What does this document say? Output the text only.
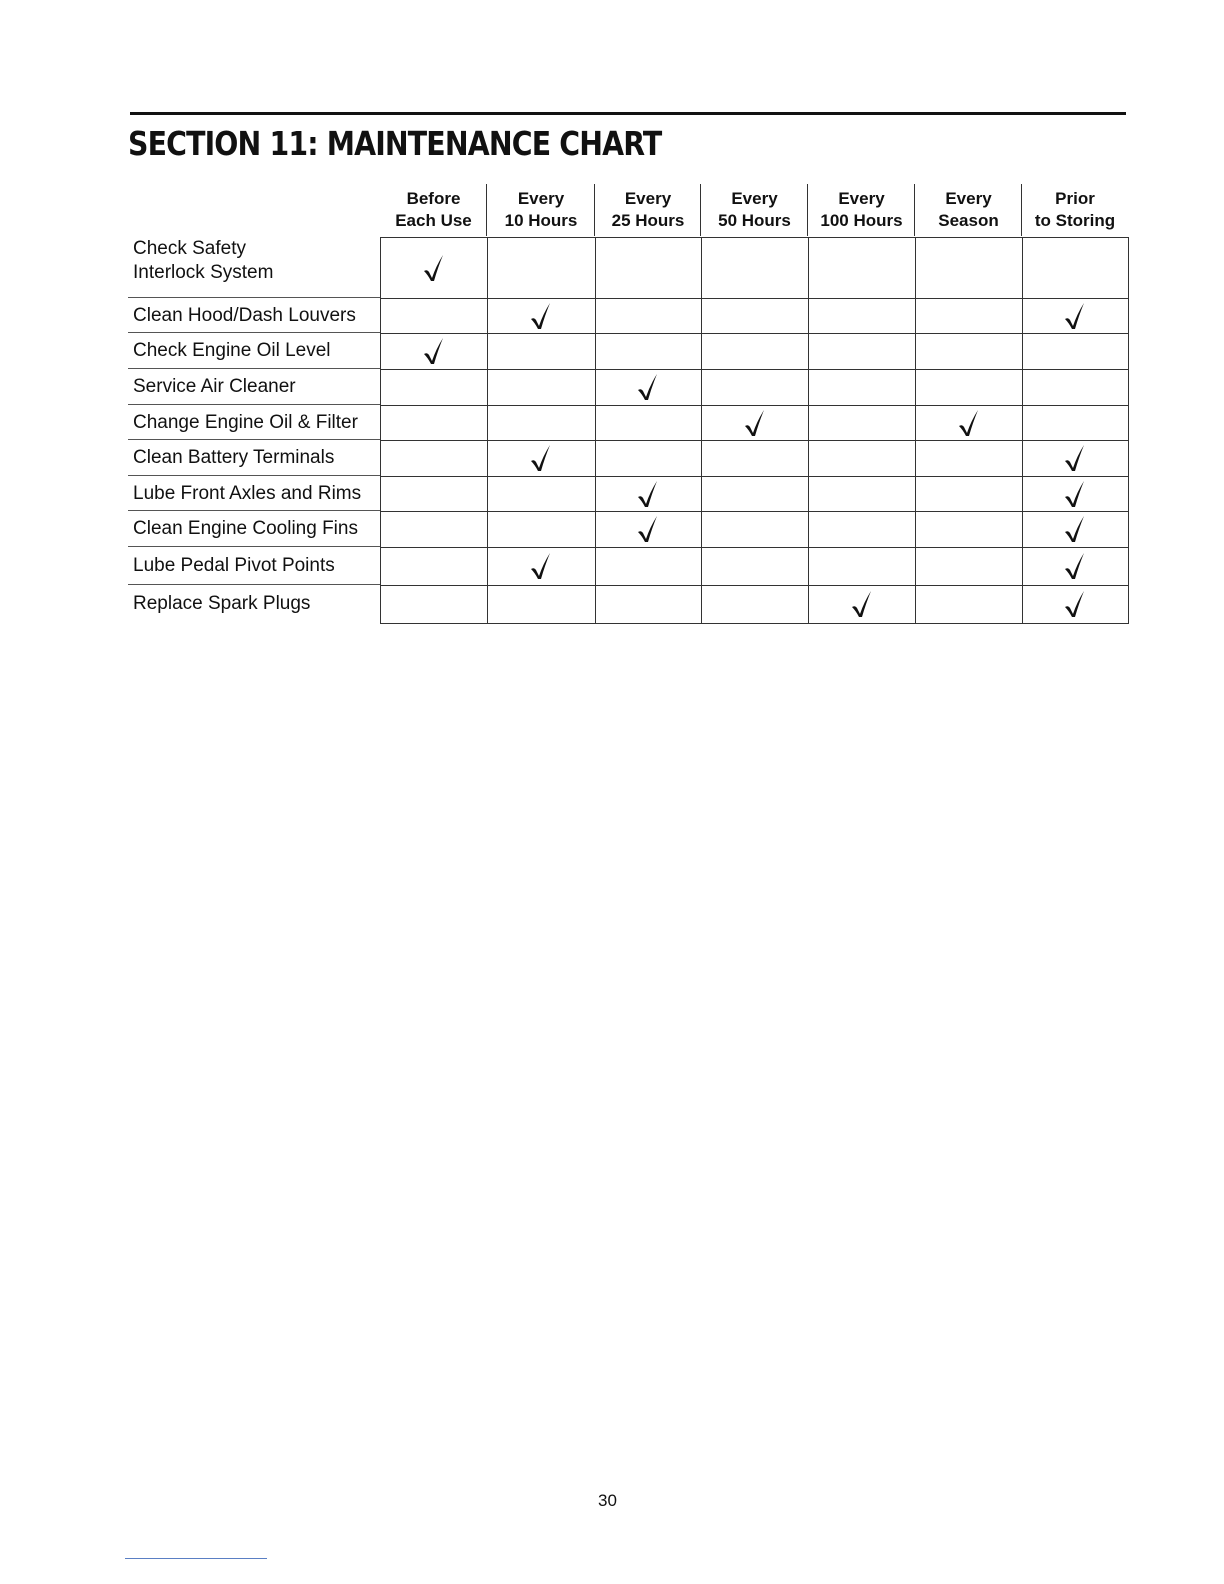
SECTION 11: MAINTENANCE CHART
Before
Each Use
Every
10 Hours
Every
25 Hours
Every
50 Hours
Every
100 Hours
Every
Season
Prior
to Storing
Check Safety
Interlock System
Clean Hood/Dash Louvers
Check Engine Oil Level
Service Air Cleaner
Change Engine Oil & Filter
Clean Battery Terminals
Lube Front Axles and Rims
Clean Engine Cooling Fins
Lube Pedal Pivot Points
Replace Spark Plugs
30
